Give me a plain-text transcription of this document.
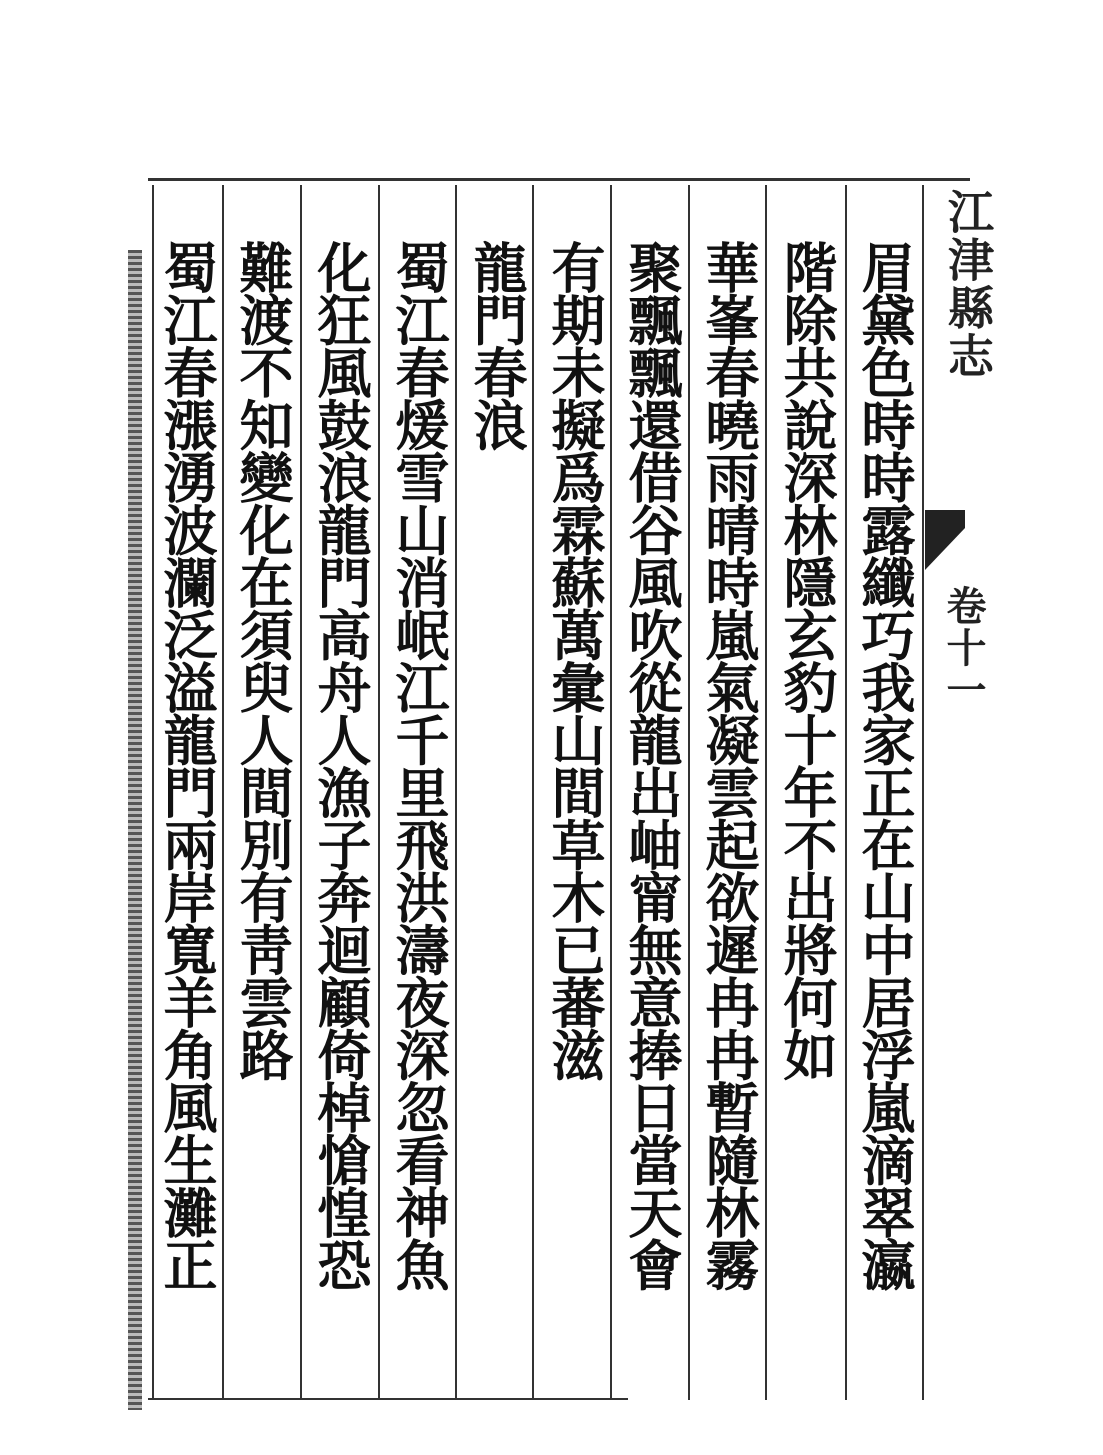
江津縣志
卷十一
眉黛色時時露纖巧我家正在山中居浮嵐滴翠瀛
階除共說深林隱玄豹十年不出將何如
華峯春曉雨晴時嵐氣凝雲起欲遲冉冉暫隨林霧
聚飄飄還借谷風吹從龍出岫甯無意捧日當天會
有期未擬爲霖蘇萬彙山間草木已蕃滋
龍門春浪
蜀江春煖雪山消岷江千里飛洪濤夜深忽看神魚
化狂風鼓浪龍門高舟人漁子奔迴顧倚棹愴惶恐
難渡不知變化在須臾人間別有靑雲路
蜀江春漲湧波瀾泛溢龍門兩岸寬羊角風生灘正
